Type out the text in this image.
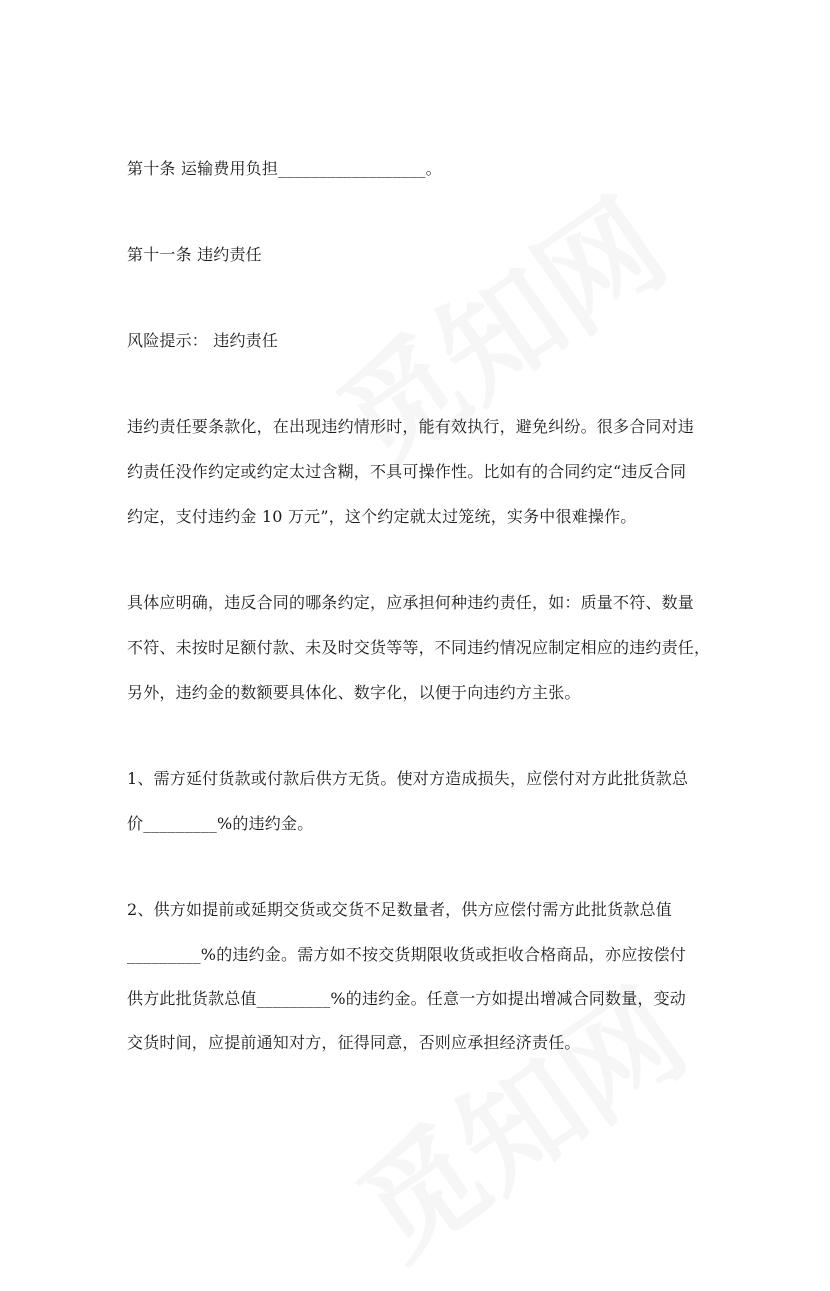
第十条 运输费用负担__________________。
第十一条 违约责任
风险提示： 违约责任
违约责任要条款化，在出现违约情形时，能有效执行，避免纠纷。很多合同对违
约责任没作约定或约定太过含糊，不具可操作性。比如有的合同约定“违反合同
约定，支付违约金 10 万元”，这个约定就太过笼统，实务中很难操作。
具体应明确，违反合同的哪条约定，应承担何种违约责任，如：质量不符、数量
不符、未按时足额付款、未及时交货等等，不同违约情况应制定相应的违约责任，
另外，违约金的数额要具体化、数字化，以便于向违约方主张。
1、需方延付货款或付款后供方无货。使对方造成损失，应偿付对方此批货款总
价_________%的违约金。
2、供方如提前或延期交货或交货不足数量者，供方应偿付需方此批货款总值
_________%的违约金。需方如不按交货期限收货或拒收合格商品，亦应按偿付
供方此批货款总值_________%的违约金。任意一方如提出增减合同数量，变动
交货时间，应提前通知对方，征得同意，否则应承担经济责任。
